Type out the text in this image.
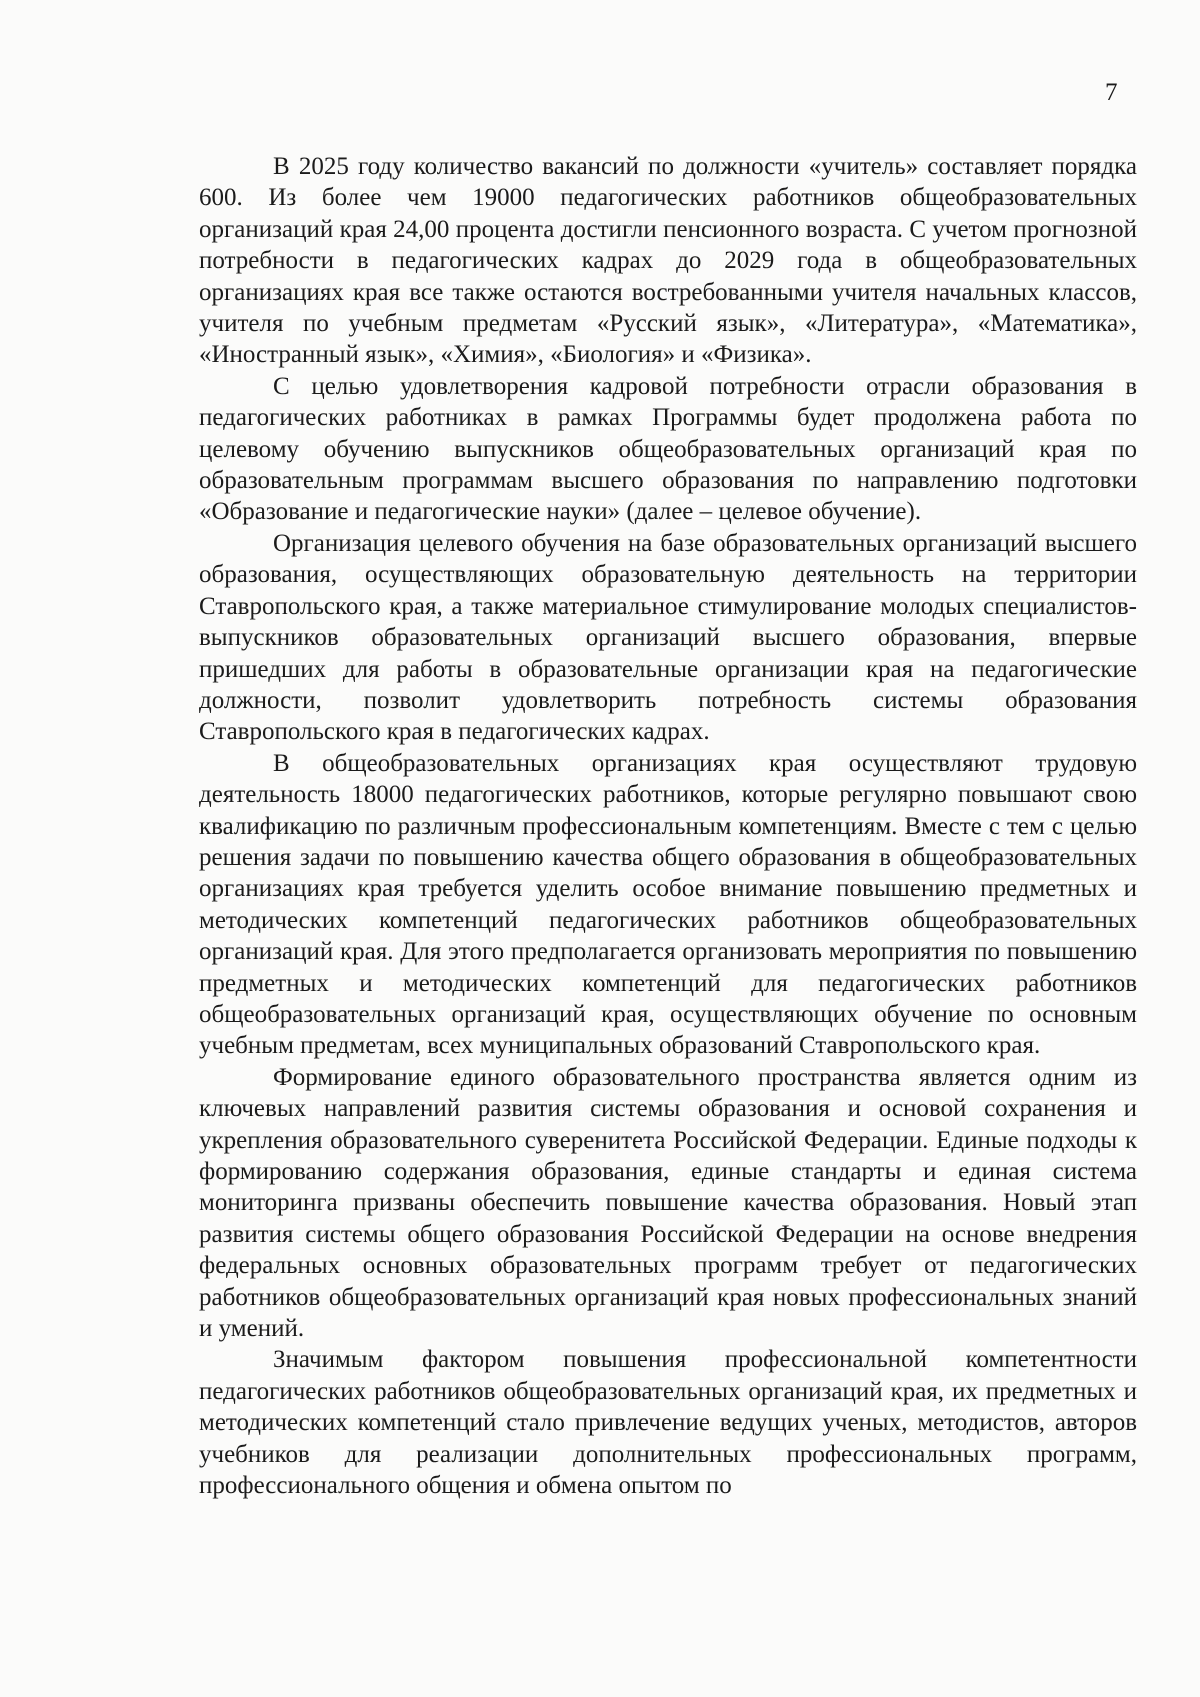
7

В 2025 году количество вакансий по должности «учитель» составляет порядка 600. Из более чем 19000 педагогических работников общеобразовательных организаций края 24,00 процента достигли пенсионного возраста. С учетом прогнозной потребности в педагогических кадрах до 2029 года в общеобразовательных организациях края все также остаются востребованными учителя начальных классов, учителя по учебным предметам «Русский язык», «Литература», «Математика», «Иностранный язык», «Химия», «Биология» и «Физика».

С целью удовлетворения кадровой потребности отрасли образования в педагогических работниках в рамках Программы будет продолжена работа по целевому обучению выпускников общеобразовательных организаций края по образовательным программам высшего образования по направлению подготовки «Образование и педагогические науки» (далее – целевое обучение).

Организация целевого обучения на базе образовательных организаций высшего образования, осуществляющих образовательную деятельность на территории Ставропольского края, а также материальное стимулирование молодых специалистов-выпускников образовательных организаций высшего образования, впервые пришедших для работы в образовательные организации края на педагогические должности, позволит удовлетворить потребность системы образования Ставропольского края в педагогических кадрах.

В общеобразовательных организациях края осуществляют трудовую деятельность 18000 педагогических работников, которые регулярно повышают свою квалификацию по различным профессиональным компетенциям. Вместе с тем с целью решения задачи по повышению качества общего образования в общеобразовательных организациях края требуется уделить особое внимание повышению предметных и методических компетенций педагогических работников общеобразовательных организаций края. Для этого предполагается организовать мероприятия по повышению предметных и методических компетенций для педагогических работников общеобразовательных организаций края, осуществляющих обучение по основным учебным предметам, всех муниципальных образований Ставропольского края.

Формирование единого образовательного пространства является одним из ключевых направлений развития системы образования и основой сохранения и укрепления образовательного суверенитета Российской Федерации. Единые подходы к формированию содержания образования, единые стандарты и единая система мониторинга призваны обеспечить повышение качества образования. Новый этап развития системы общего образования Российской Федерации на основе внедрения федеральных основных образовательных программ требует от педагогических работников общеобразовательных организаций края новых профессиональных знаний и умений.

Значимым фактором повышения профессиональной компетентности педагогических работников общеобразовательных организаций края, их предметных и методических компетенций стало привлечение ведущих ученых, методистов, авторов учебников для реализации дополнительных профессиональных программ, профессионального общения и обмена опытом по
